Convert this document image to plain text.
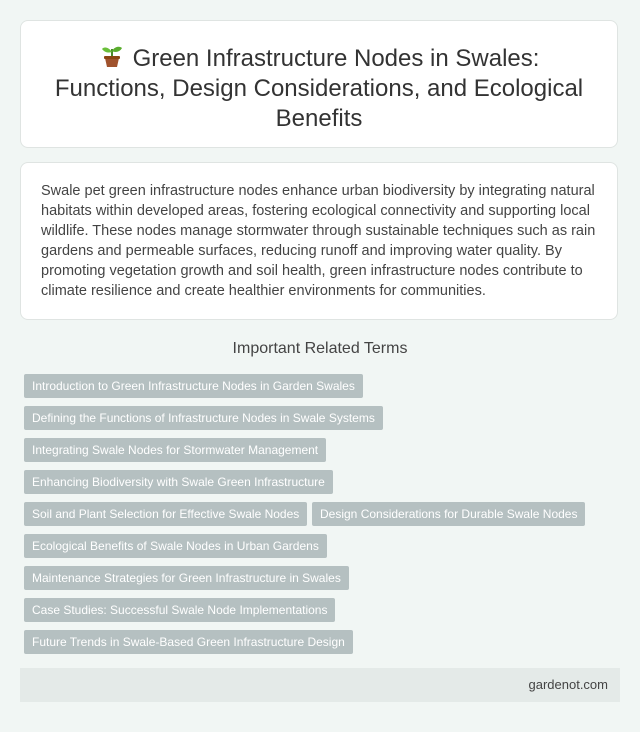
Green Infrastructure Nodes in Swales: Functions, Design Considerations, and Ecological Benefits

Swale pet green infrastructure nodes enhance urban biodiversity by integrating natural habitats within developed areas, fostering ecological connectivity and supporting local wildlife. These nodes manage stormwater through sustainable techniques such as rain gardens and permeable surfaces, reducing runoff and improving water quality. By promoting vegetation growth and soil health, green infrastructure nodes contribute to climate resilience and create healthier environments for communities.

Important Related Terms
Introduction to Green Infrastructure Nodes in Garden Swales
Defining the Functions of Infrastructure Nodes in Swale Systems
Integrating Swale Nodes for Stormwater Management
Enhancing Biodiversity with Swale Green Infrastructure
Soil and Plant Selection for Effective Swale Nodes	Design Considerations for Durable Swale Nodes
Ecological Benefits of Swale Nodes in Urban Gardens
Maintenance Strategies for Green Infrastructure in Swales
Case Studies: Successful Swale Node Implementations
Future Trends in Swale-Based Green Infrastructure Design
gardenot.com
